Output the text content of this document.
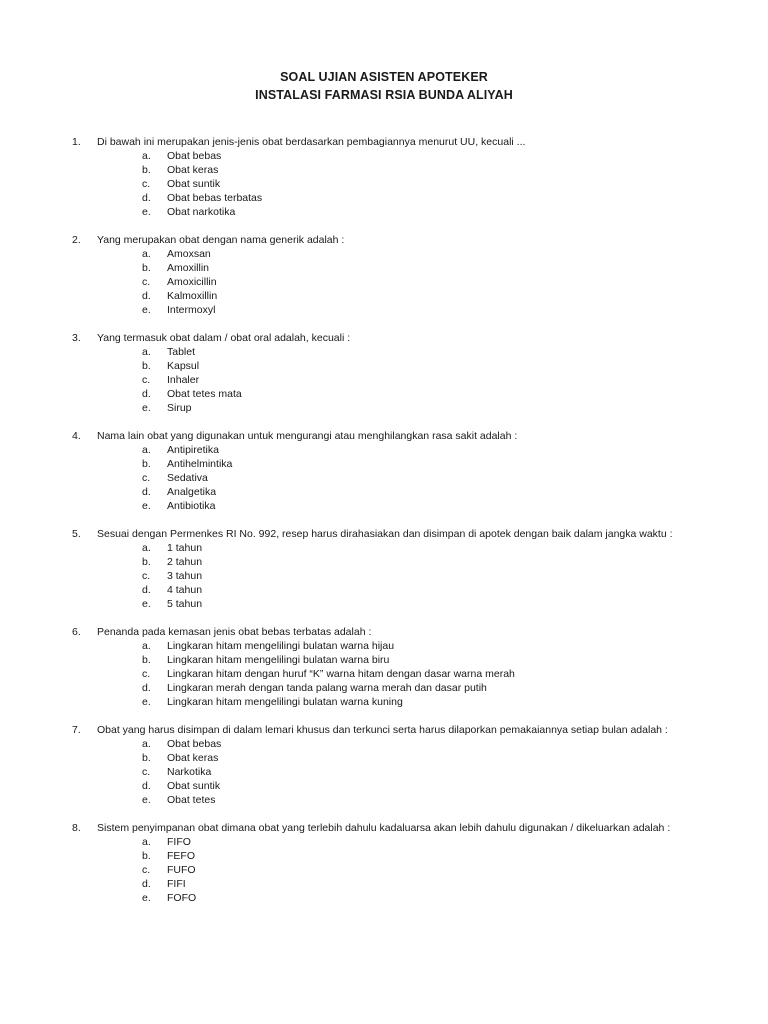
SOAL UJIAN ASISTEN APOTEKER
INSTALASI FARMASI RSIA BUNDA ALIYAH
1. Di bawah ini merupakan jenis-jenis obat berdasarkan pembagiannya menurut UU, kecuali ...
a. Obat bebas
b. Obat keras
c. Obat suntik
d. Obat bebas terbatas
e. Obat narkotika
2. Yang merupakan obat dengan nama generik adalah :
a. Amoxsan
b. Amoxillin
c. Amoxicillin
d. Kalmoxillin
e. Intermoxyl
3. Yang termasuk obat dalam / obat oral adalah, kecuali :
a. Tablet
b. Kapsul
c. Inhaler
d. Obat tetes mata
e. Sirup
4. Nama lain obat yang digunakan untuk mengurangi atau menghilangkan rasa sakit adalah :
a. Antipiretika
b. Antihelmintika
c. Sedativa
d. Analgetika
e. Antibiotika
5. Sesuai dengan Permenkes RI No. 992, resep harus dirahasiakan dan disimpan di apotek dengan baik dalam jangka waktu :
a. 1 tahun
b. 2 tahun
c. 3 tahun
d. 4 tahun
e. 5 tahun
6. Penanda pada kemasan jenis obat bebas terbatas adalah :
a. Lingkaran hitam mengelilingi bulatan warna hijau
b. Lingkaran hitam mengelilingi bulatan warna biru
c. Lingkaran hitam dengan huruf “K” warna hitam dengan dasar warna merah
d. Lingkaran merah dengan tanda palang warna merah dan dasar putih
e. Lingkaran hitam mengelilingi bulatan warna kuning
7. Obat yang harus disimpan di dalam lemari khusus dan terkunci serta harus dilaporkan pemakaiannya setiap bulan adalah :
a. Obat bebas
b. Obat keras
c. Narkotika
d. Obat suntik
e. Obat tetes
8. Sistem penyimpanan obat dimana obat yang terlebih dahulu kadaluarsa akan lebih dahulu digunakan / dikeluarkan adalah :
a. FIFO
b. FEFO
c. FUFO
d. FIFI
e. FOFO
